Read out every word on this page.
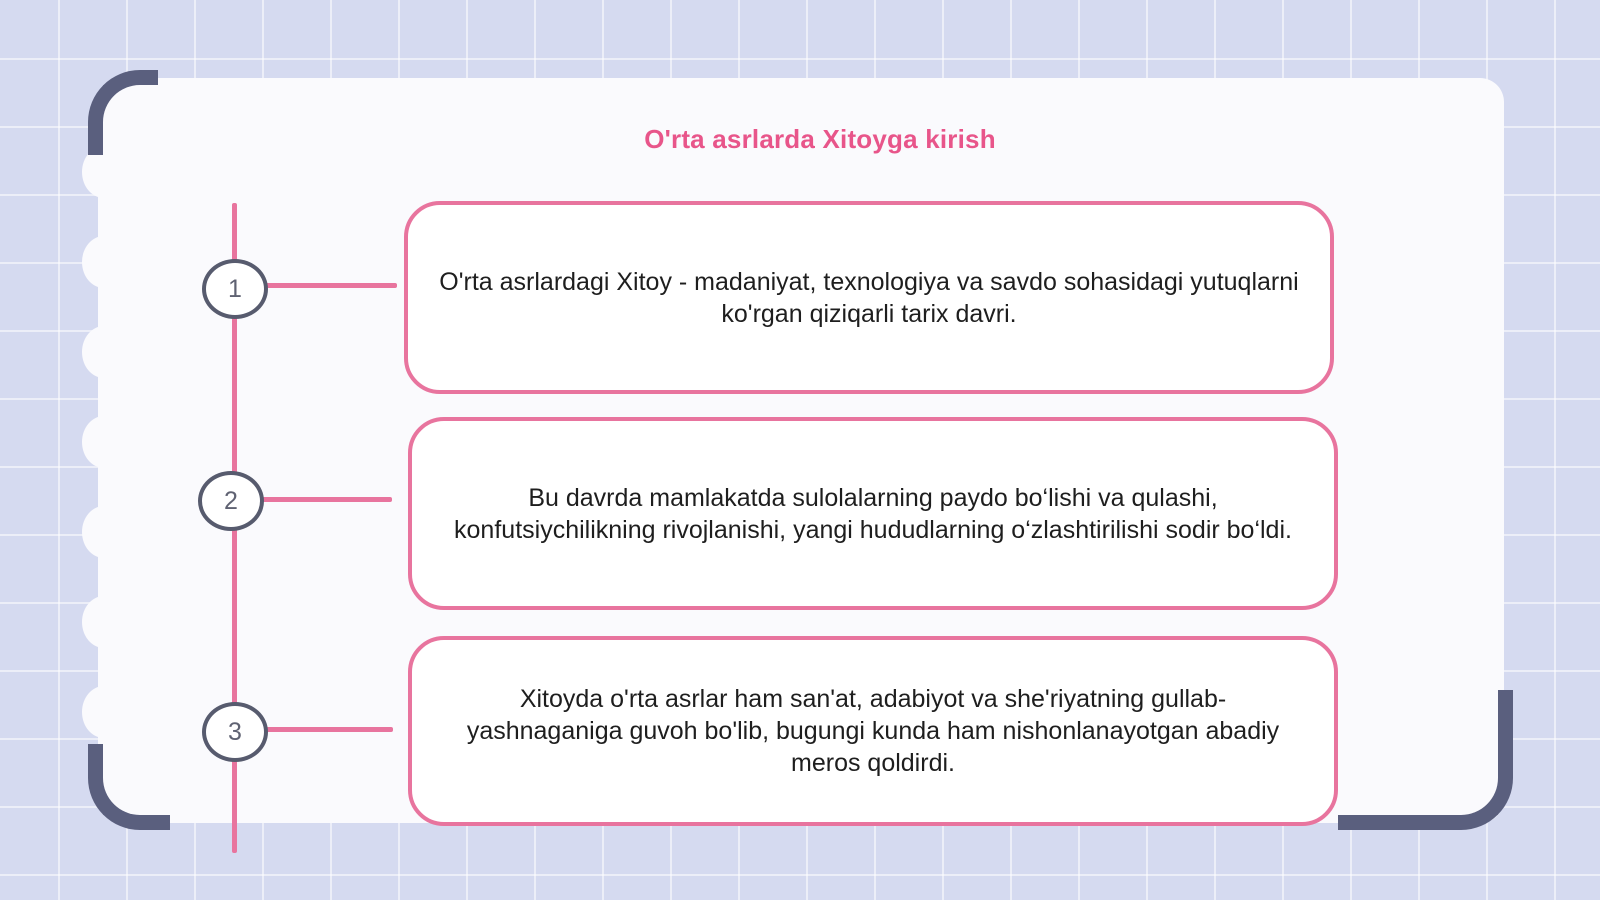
O'rta asrlarda Xitoyga kirish
1	O'rta asrlardagi Xitoy - madaniyat, texnologiya va savdo sohasidagi yutuqlarni ko'rgan qiziqarli tarix davri.
2	Bu davrda mamlakatda sulolalarning paydo bo‘lishi va qulashi, konfutsiychilikning rivojlanishi, yangi hududlarning o‘zlashtirilishi sodir bo‘ldi.
3
Xitoyda o'rta asrlar ham san'at, adabiyot va she'riyatning gullab-yashnaganiga guvoh bo'lib, bugungi kunda ham nishonlanayotgan abadiy meros qoldirdi.
